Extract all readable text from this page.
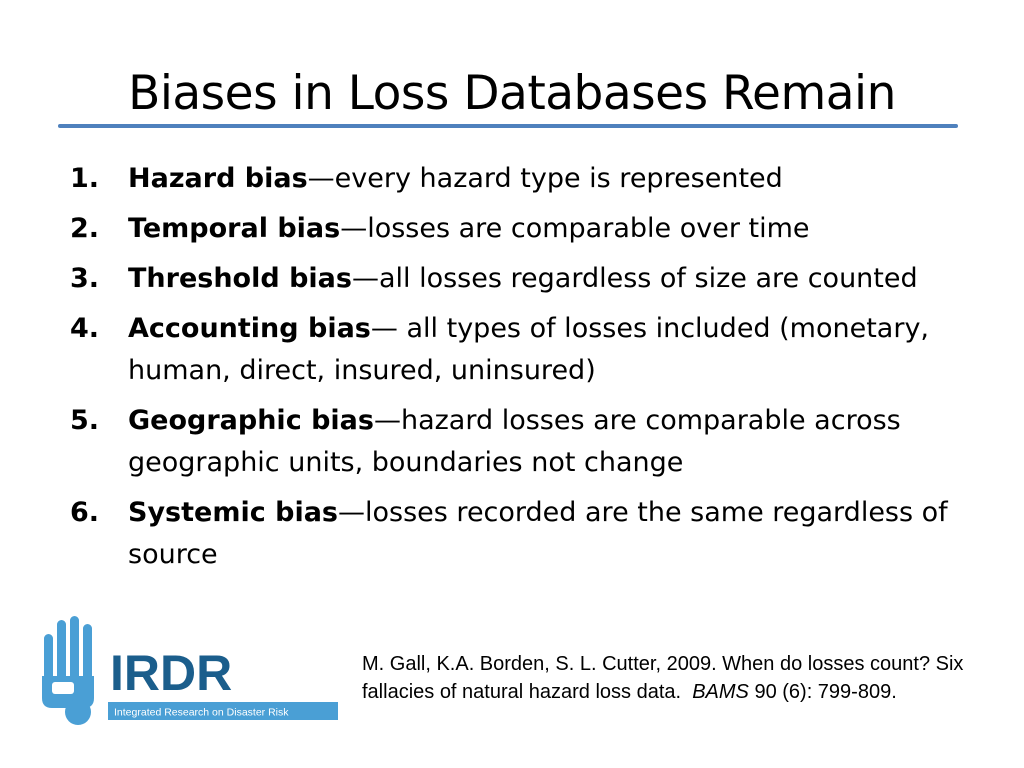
Biases in Loss Databases Remain
1. Hazard bias—every hazard type is represented
2. Temporal bias—losses are comparable over time
3. Threshold bias—all losses regardless of size are counted
4. Accounting bias— all types of losses included (monetary, human, direct, insured, uninsured)
5. Geographic bias—hazard losses are comparable across geographic units, boundaries not change
6. Systemic bias—losses recorded are the same regardless of source
IRDR
Integrated Research on Disaster Risk
M. Gall, K.A. Borden, S. L. Cutter, 2009. When do losses count? Six fallacies of natural hazard loss data. BAMS 90 (6): 799-809.
